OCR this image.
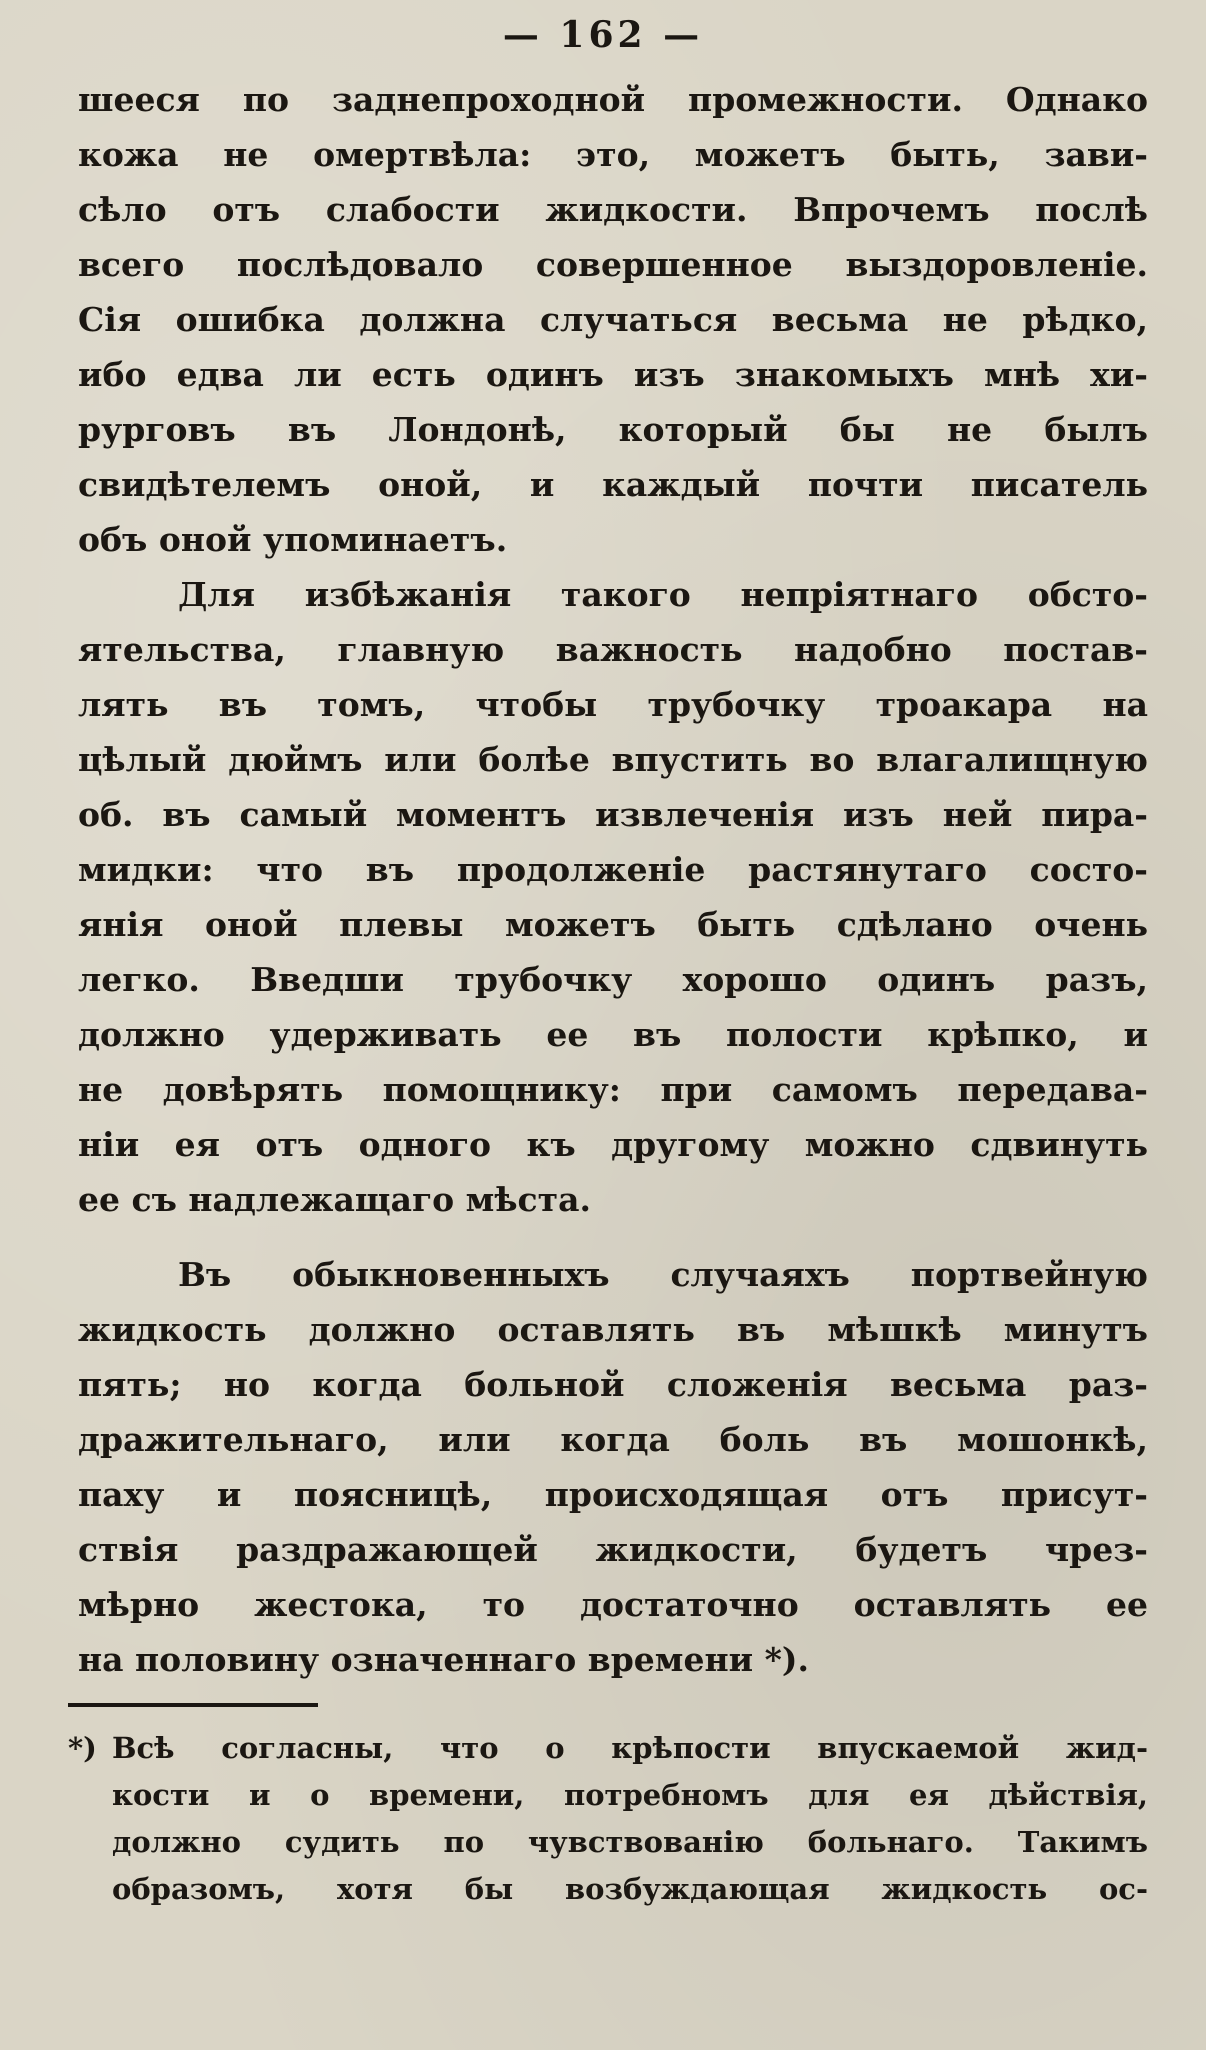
— 162 —
шееся по заднепроходной промежности. Однако
кожа не омертвѣла: это, можетъ быть, зави-
сѣло отъ слабости жидкости. Впрочемъ послѣ
всего послѣдовало совершенное выздоровленіе.
Сія ошибка должна случаться весьма не рѣдко,
ибо едва ли есть одинъ изъ знакомыхъ мнѣ хи-
рурговъ въ Лондонѣ, который бы не былъ
свидѣтелемъ оной, и каждый почти писатель
объ оной упоминаетъ.
Для избѣжанія такого непріятнаго обсто-
ятельства, главную важность надобно постав-
лять въ томъ, чтобы трубочку троакара на
цѣлый дюймъ или болѣе впустить во влагалищную
об. въ самый моментъ извлеченія изъ ней пира-
мидки: что въ продолженіе растянутаго состо-
янія оной плевы можетъ быть сдѣлано очень
легко. Введши трубочку хорошо одинъ разъ,
должно удерживать ее въ полости крѣпко, и
не довѣрять помощнику: при самомъ передава-
ніи ея отъ одного къ другому можно сдвинуть
ее съ надлежащаго мѣста.
Въ обыкновенныхъ случаяхъ портвейную
жидкость должно оставлять въ мѣшкѣ минутъ
пять; но когда больной сложенія весьма раз-
дражительнаго, или когда боль въ мошонкѣ,
паху и поясницѣ, происходящая отъ присут-
ствія раздражающей жидкости, будетъ чрез-
мѣрно жестока, то достаточно оставлять ее
на половину означеннаго времени *).
*) Всѣ согласны, что о крѣпости впускаемой жид-
кости и о времени, потребномъ для ея дѣйствія,
должно судить по чувствованію больнаго. Такимъ
образомъ, хотя бы возбуждающая жидкость ос-
